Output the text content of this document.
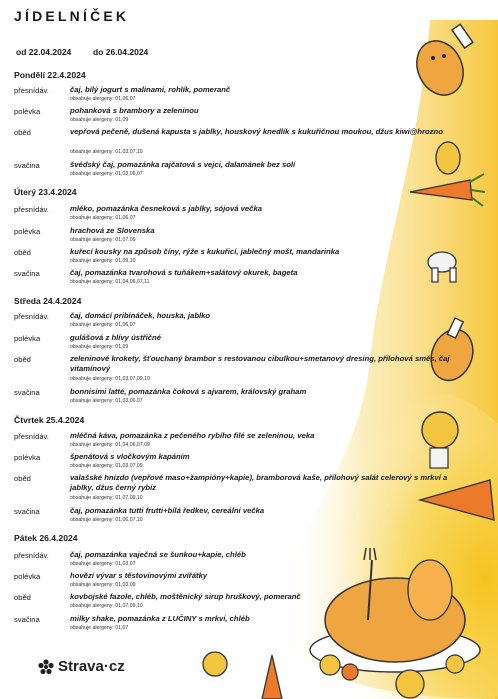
JÍDELNÍČEK
od 22.04.2024	do 26.04.2024
Pondělí 22.4.2024
přesnídáv.	čaj, bílý jogurt s malinami, rohlík, pomeranč
obsahuje alergeny: 01,06,07
polévka	pohanková s brambory a zeleninou
obsahuje alergeny: 01,09
oběd	vepřová pečeně, dušená kapusta s jablky, houskový knedlík s kukuřičnou moukou, džus kiwi@hrozno
obsahuje alergeny: 01,03,07,10
svačina	švédský čaj, pomazánka rajčatová s vejci, dalamánek bez solí
obsahuje alergeny: 01,03,06,07
Úterý 23.4.2024
přesnídáv.	mléko, pomazánka česneková s jablky, sójová večka
obsahuje alergeny: 01,06,07
polévka	hrachová ze Slovenska
obsahuje alergeny: 01,07,09
oběd	kuřecí kousky na způsob číny, rýže s kukuřicí, jablečný mošt, mandarinka
obsahuje alergeny: 01,09,10
svačina	čaj, pomazánka tvarohová s tuňákem+salátový okurek, bageta
obsahuje alergeny: 01,04,06,07,11
Středa 24.4.2024
přesnídáv.	čaj, domácí pribináček, houska, jablko
obsahuje alergeny: 01,06,07
polévka	gulášová z hlívy ústřičné
obsahuje alergeny: 01,09
oběd	zeleninové krokety, šťouchaný brambor s restovanou cibulkou+smetanový dresing, přílohová směs, čaj vitamínový
obsahuje alergeny: 01,03,07,09,10
svačina	bonnisimi latté, pomazánka čoková s ajvarem, královský graham
obsahuje alergeny: 01,03,06,07
Čtvrtek 25.4.2024
přesnídáv.	mléčná káva, pomazánka z pečeného rybího filé se zeleninou, veka
obsahuje alergeny: 01,04,06,07,09
polévka	špenátová s vločkovým kapáním
obsahuje alergeny: 01,03,07,09
oběd	valašské hnízdo (vepřové maso+žampióny+kapie), bramborová kaše, přílohový salát celerový s mrkví a jablky, džus černý rybíz
obsahuje alergeny: 01,07,09,10
svačina	čaj, pomazánka tutti frutti+bílá ředkev, cereální večka
obsahuje alergeny: 01,06,07,10
Pátek 26.4.2024
přesnídáv.	čaj, pomazánka vaječná se šunkou+kapie, chléb
obsahuje alergeny: 01,03,07
polévka	hovězí vývar s těstovinovými zvířátky
obsahuje alergeny: 01,03,09
oběd	kovbojské fazole, chléb, moštěnický sirup hruškový, pomeranč
obsahuje alergeny: 01,07,09,10
svačina	milky shake, pomazánka z LUČINY s mrkví, chléb
obsahuje alergeny: 01,07
Strava·cz
